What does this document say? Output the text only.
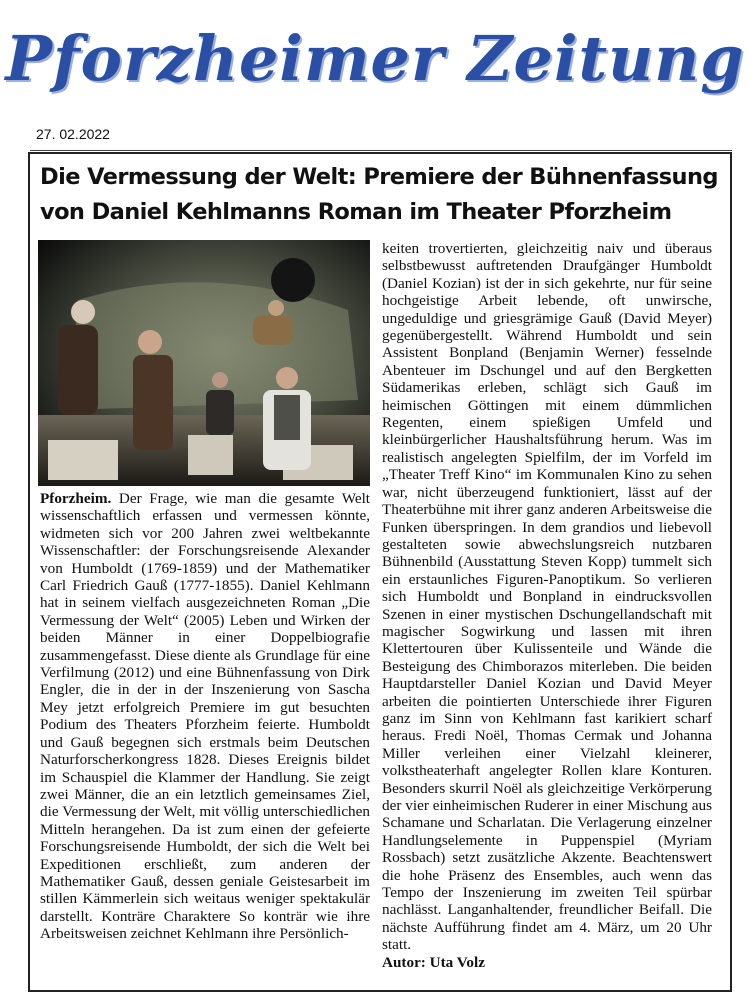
Pforzheimer Zeitung
27. 02.2022
Die Vermessung der Welt: Premiere der Bühnenfassung von Daniel Kehlmanns Roman im Theater Pforzheim
Pforzheim. Der Frage, wie man die gesamte Welt wissenschaftlich erfassen und vermessen könnte, widmeten sich vor 200 Jahren zwei weltbekannte Wissenschaftler: der Forschungsreisende Alexander von Humboldt (1769-1859) und der Mathematiker Carl Friedrich Gauß (1777-1855). Daniel Kehlmann hat in seinem vielfach ausgezeichneten Roman „Die Vermessung der Welt“ (2005) Leben und Wirken der beiden Männer in einer Doppelbiografie zusammengefasst. Diese diente als Grundlage für eine Verfilmung (2012) und eine Bühnenfassung von Dirk Engler, die in der in der Inszenierung von Sascha Mey jetzt erfolgreich Premiere im gut besuchten Podium des Theaters Pforzheim feierte. Humboldt und Gauß begegnen sich erstmals beim Deutschen Naturforscherkongress 1828. Dieses Ereignis bildet im Schauspiel die Klammer der Handlung. Sie zeigt zwei Männer, die an ein letztlich gemeinsames Ziel, die Vermessung der Welt, mit völlig unterschiedlichen Mitteln herangehen. Da ist zum einen der gefeierte Forschungsreisende Humboldt, der sich die Welt bei Expeditionen erschließt, zum anderen der Mathematiker Gauß, dessen geniale Geistesarbeit im stillen Kämmerlein sich weitaus weniger spektakulär darstellt. Konträre Charaktere So konträr wie ihre Arbeitsweisen zeichnet Kehlmann ihre Persönlich-
keiten trovertierten, gleichzeitig naiv und überaus selbstbewusst auftretenden Draufgänger Humboldt (Daniel Kozian) ist der in sich gekehrte, nur für seine hochgeistige Arbeit lebende, oft unwirsche, ungeduldige und griesgrämige Gauß (David Meyer) gegenübergestellt. Während Humboldt und sein Assistent Bonpland (Benjamin Werner) fesselnde Abenteuer im Dschungel und auf den Bergketten Südamerikas erleben, schlägt sich Gauß im heimischen Göttingen mit einem dümmlichen Regenten, einem spießigen Umfeld und kleinbürgerlicher Haushaltsführung herum. Was im realistisch angelegten Spielfilm, der im Vorfeld im „Theater Treff Kino“ im Kommunalen Kino zu sehen war, nicht überzeugend funktioniert, lässt auf der Theaterbühne mit ihrer ganz anderen Arbeitsweise die Funken überspringen. In dem grandios und liebevoll gestalteten sowie abwechslungsreich nutzbaren Bühnenbild (Ausstattung Steven Kopp) tummelt sich ein erstaunliches Figuren-Panoptikum. So verlieren sich Humboldt und Bonpland in eindrucksvollen Szenen in einer mystischen Dschungellandschaft mit magischer Sogwirkung und lassen mit ihren Klettertouren über Kulissenteile und Wände die Besteigung des Chimborazos miterleben. Die beiden Hauptdarsteller Daniel Kozian und David Meyer arbeiten die pointierten Unterschiede ihrer Figuren ganz im Sinn von Kehlmann fast karikiert scharf heraus. Fredi Noël, Thomas Cermak und Johanna Miller verleihen einer Vielzahl kleinerer, volkstheaterhaft angelegter Rollen klare Konturen. Besonders skurril Noël als gleichzeitige Verkörperung der vier einheimischen Ruderer in einer Mischung aus Schamane und Scharlatan. Die Verlagerung einzelner Handlungselemente in Puppenspiel (Myriam Rossbach) setzt zusätzliche Akzente. Beachtenswert die hohe Präsenz des Ensembles, auch wenn das Tempo der Inszenierung im zweiten Teil spürbar nachlässt. Langanhaltender, freundlicher Beifall. Die nächste Aufführung findet am 4. März, um 20 Uhr statt.
Autor: Uta Volz
